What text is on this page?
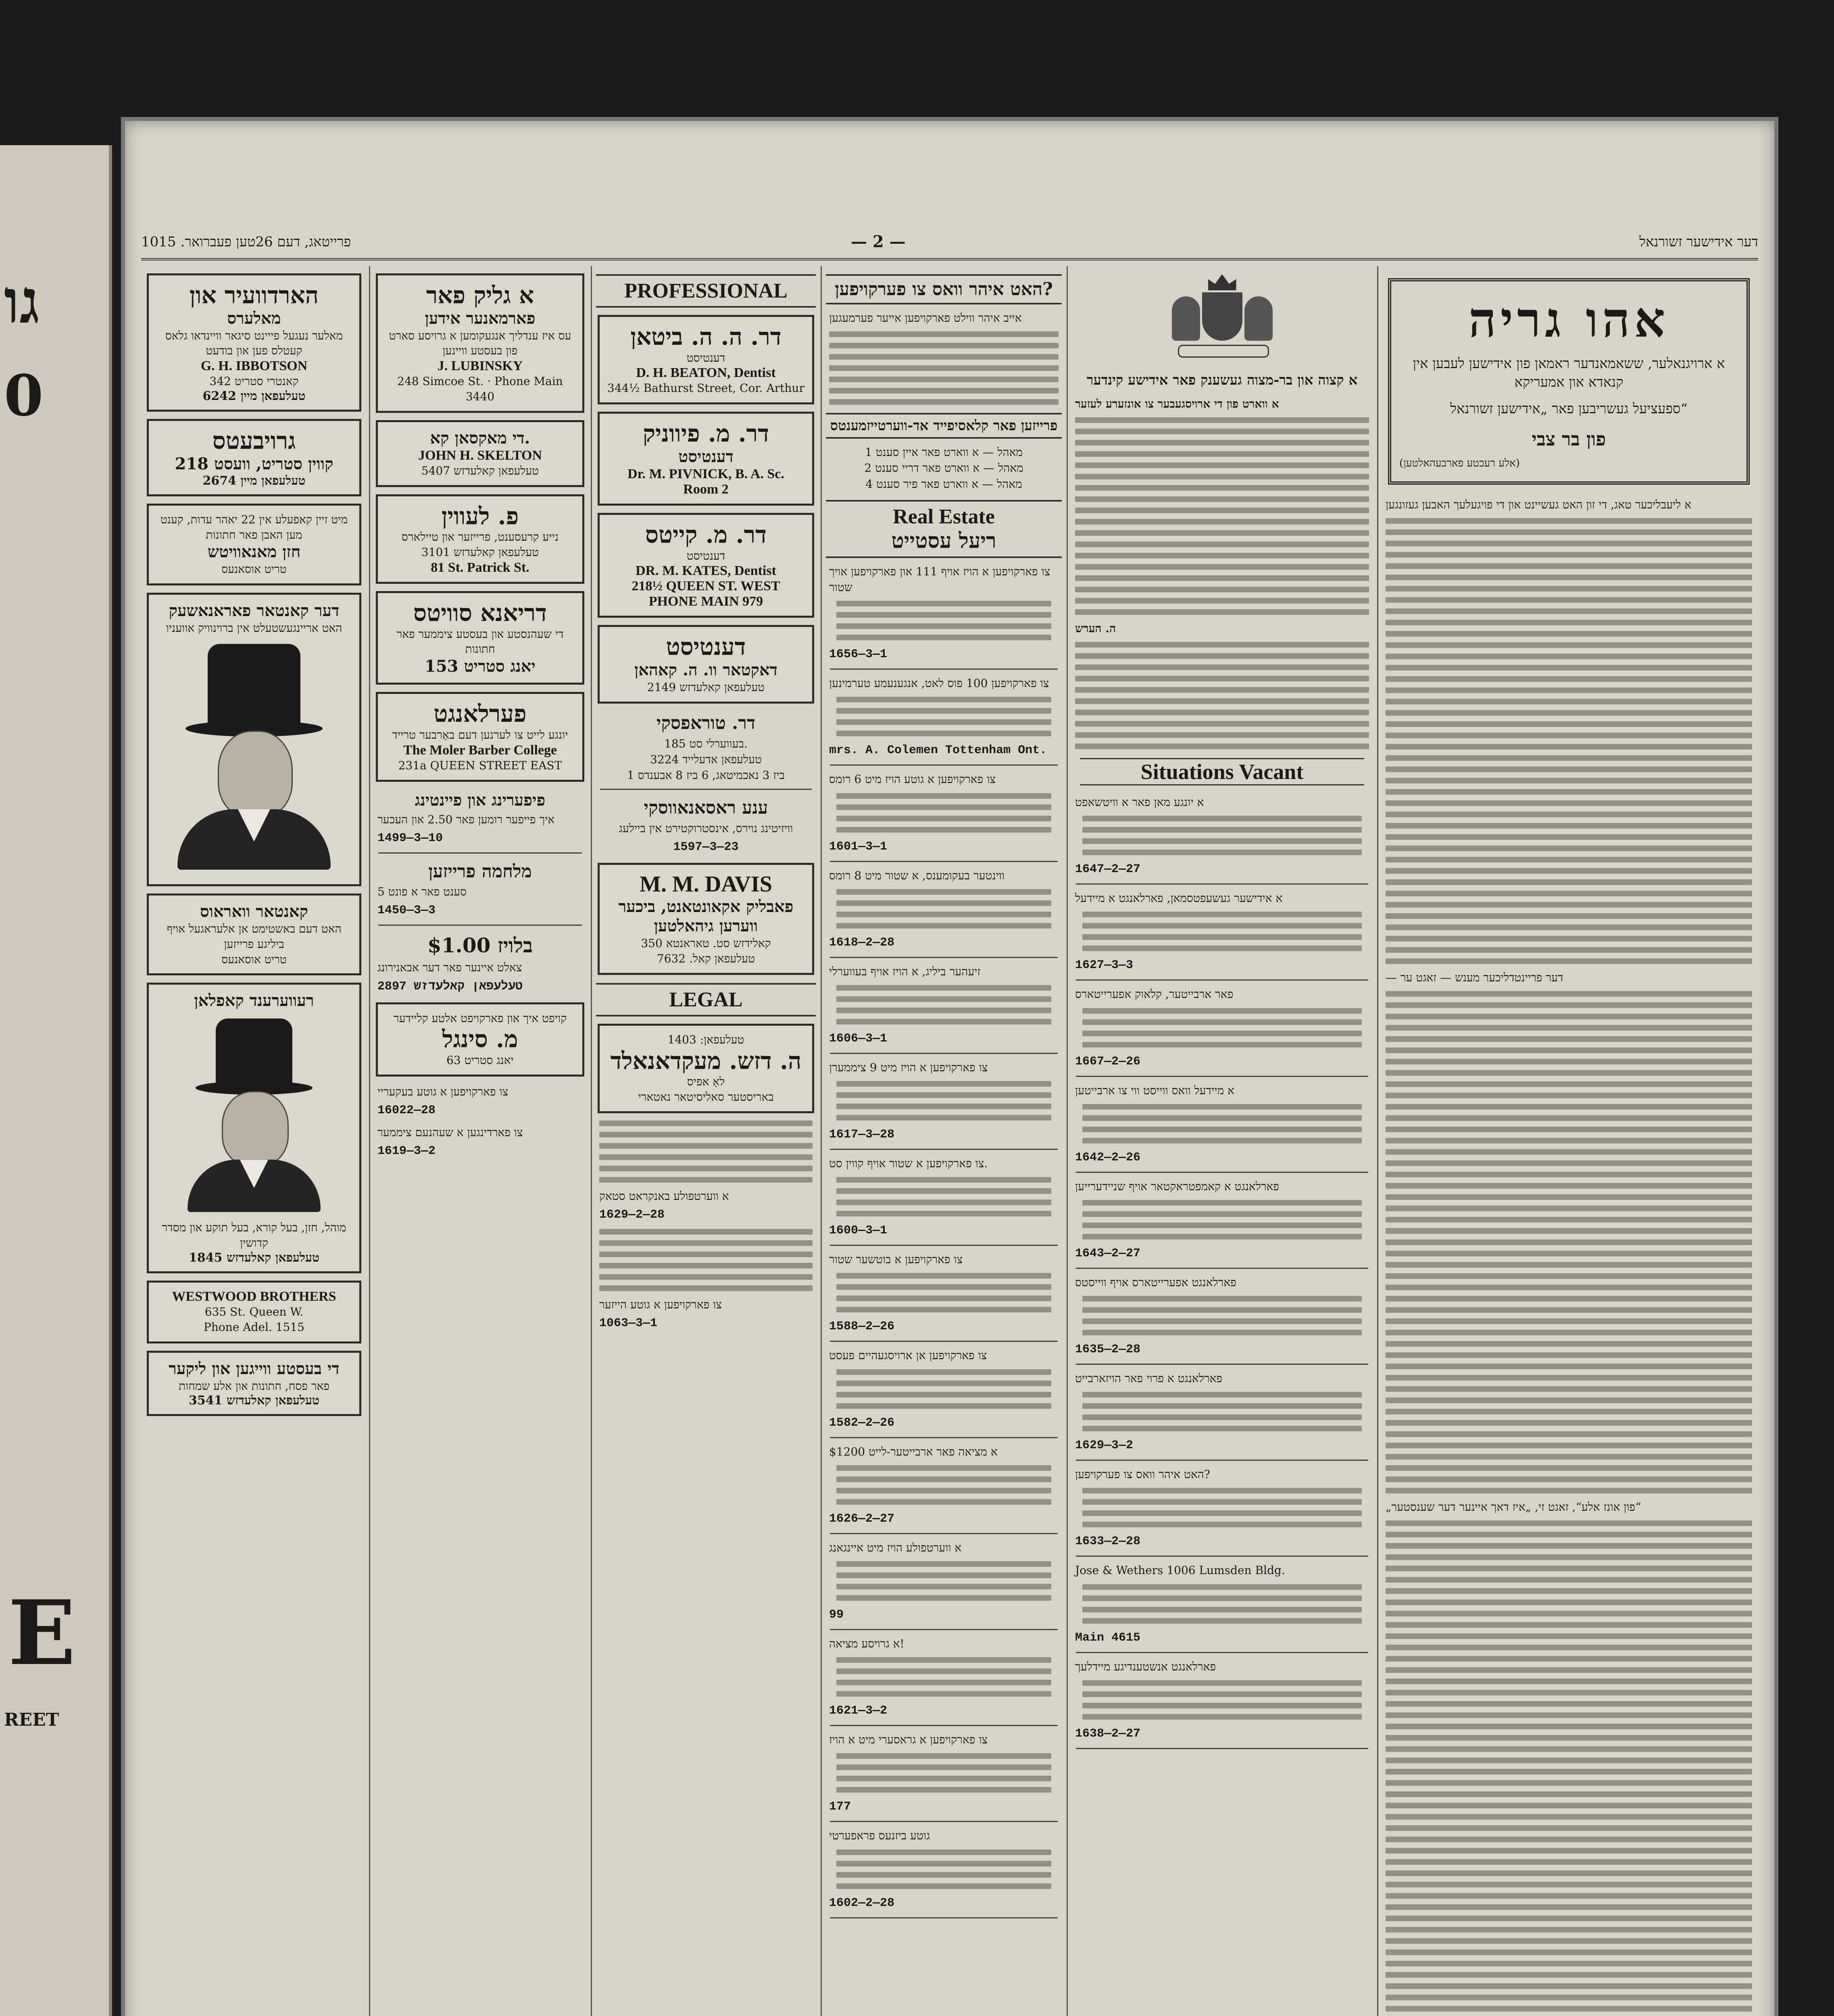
גו
0
E
REET
1015 .פרייטאג, דעם 26טען פעברואר	— 2 —	דער אידישער זשורנאל
הארדוועיר און
מאלערס
מאלער נעגעל פייינט סיגאר וויינדאו גלאס קעטלס פען און בודעט
G. H. IBBOTSON
342 קאנטרי סטריט
טעלעפאן מיין 6242
גרויבעטס
קווין סטריט, וועסט 218
טעלעפאן מיין 2674
מיט זיין קאפעלע אין 22 יאהר עדות, קענט מען האבן פאר חתונות
חזן מאנאוויטש
טריט אוסאנעס
דער קאנטאר פאראנאשעק
האט אריינגעשטעלט אין ברוינוויק אוועניו
קאנטאר וואראוס
האט דעם באשטימט אן אלעראגעל אויף ביליגע פרייזען
טריט אוסאנעס
רעווערענד קאפלאן
מוהל, חזן, בעל קורא, בעל תוקע און מסדר קדושין
טעלעפאן קאלעדזש 1845
WESTWOOD BROTHERS
635 St. Queen W.
Phone Adel. 1515
די בעסטע ווייגען און ליקער
פאר פסח, חתונות און אלע שמחות
טעלעפאן קאלעדזש 3541
א גליק פאר
פארמאנער אידען
עס איז ענדליך אנגעקומען א גרויסע סארט פון בעסטע וויינען
J. LUBINSKY
248 Simcoe St. · Phone Main 3440
די מאקסאן קא.
JOHN H. SKELTON
טעלעפאן קאלעדזש 5407
פ. לעווין
נייע קרעסענט, פרייזער און טיילארס
טעלעפאן קאלעדזש 3101
81 St. Patrick St.
דריאנא סוויטס
די שעהנסטע און בעסטע ציממער פאר חתונות
153 יאנג סטריט
פערלאנגט
יונגע לייט צו לערנען דעם באַרבער טרייד
The Moler Barber College
231a QUEEN STREET EAST
פיפערינג און פיינטינג
איך פייפער רומען פאר 2.50 און העכער
1499—3—10
מלחמה פרייזען
5 סענט פאר א פונט
1450—3—3
בלויז $1.00
צאלט איינער פאר דער אבאנירונג
טעלעפאן קאלעדזש 2897
קויפט איך און פארקויפט אלטע קליידער
מ. סינגל
63 יאנג סטריט
צו פארקויפען א גוטע בעקעריי
16022—28
צו פארדינגען א שעהנעם ציממער
1619—3—2
PROFESSIONAL
דר. ה. ה. ביטאן
דענטיסט
D. H. BEATON, Dentist
344½ Bathurst Street, Cor. Arthur
דר. מ. פיווניק
דענטיסט
Dr. M. PIVNICK, B. A. Sc.
Room 2
דר. מ. קייטס
דענטיסט
DR. M. KATES, Dentist
218½ QUEEN ST. WEST
PHONE MAIN 979
דענטיסט
דאקטאר וו. ה. קאהאן
טעלעפאן קאלעדזש 2149
דר. טוראפסקי
185 בעווערלי סט.
טעלעפאן אדעלייד 3224
1 ביז 3 נאכמיטאג, 6 ביז 8 אבענדס
ענע ראסאנאווסקי
וויזיטינג נוירס, אינסטרוקטירט אין ביילעג
1597—3—23
M. M. DAVIS
פאבליק אקאונטאנט, ביכער ווערען גיהאלטען
350 קאלידזש סט. טאראנטא
טעלעפאן קאל. 7632
LEGAL
טעלעפאן: 1403
ה. דזש. מעקדאנאלד
לאָ אפיס
באריסטער סאליסיטאר נאטארי
א ווערטפולע באנקראט סטאק
1629—2—28
צו פארקויפען א גוטע הייזער
1063—3—1
האט איהר וואס צו פערקויפען?
אייב איהר ווילט פארקויפען אייער פערמעגען
פרייזען פאר קלאסיפייד אד-ווערטייזמענטס
1 מאהל — א ווארט פאר איין סענט
2 מאהל — א ווארט פאר דריי סענט
4 מאהל — א ווארט פאר פיר סענט
Real Estate
ריעל עסטייט
צו פארקויפען א הויז אויף 111 און פארקויפען אויך שטור
1656—3—1
צו פארקויפען 100 פוס לאט, אנגענעמע טערמינען
mrs. A. Colemen Tottenham Ont.
צו פארקויפען א גוטע הויז מיט 6 רומס
1601—3—1
ווינטער בעקומענס, א שטור מיט 8 רומס
1618—2—28
זיעהער ביליג, א הויז אויף בעווערלי
1606—3—1
צו פארקויפען א הויז מיט 9 ציממערן
1617—3—28
צו פארקויפען א שטור אויף קווין סט.
1600—3—1
צו פארקויפען א בוטשער שטור
1588—2—26
צו פארקויפען אן ארויסגעהיים פעסט
1582—2—26
א מציאה פאר ארבייטער-לייט $1200
1626—2—27
א ווערטפולע הויז מיט איינגאנג
99
א גרויסע מציאה!
1621—3—2
צו פארקויפען א גראסערי מיט א הויז
177
גוטע ביזנעס פראפערטי
1602—2—28
א קצוה און בר-מצוה געשענק פאר אידישע קינדער
א ווארט פון די ארויסגעבער צו אונזערע לעזער
ה. הערש
Situations Vacant
א יונגע מאן פאר א וויטשאפט
1647—2—27
א אידישער געשעפטסמאן, פארלאנגט א מיידעל
1627—3—3
פאר ארבייטער, קלאוק אפערייטארס
1667—2—26
א מיידעל וואס ווייסט ווי צו ארבייטען
1642—2—26
פארלאנגט א קאמפטראקטאר אויף שניידערייען
1643—2—27
פארלאנגט אפערייטארס אויף ווייסטס
1635—2—28
פארלאנגט א פרוי פאר הויזארבייט
1629—3—2
האט איהר וואס צו פערקויפען?
1633—2—28
Jose & Wethers 1006 Lumsden Bldg.
Main 4615
פארלאנגט אנשטענדיגע מיידלעך
1638—2—27
אהו גריה
א ארויגנאלער, ששאמאנדער ראמאן פון אידישען לעבען אין קנאדא און אמעריקא
ספעציעל געשריבען פאר „אידישען זשורנאל“
פון בר צבי
(אלע רעכטע פארבעהאלטען)
א ליעבליכער טאג, די זון האט געשיינט און די פויגעלעך האבען געזונגען
— דער פריינטדליכער מענש — זאגט ער
„פון אונז אלע“, זאגט זי, „איז דאך איינער דער שענסטער“
